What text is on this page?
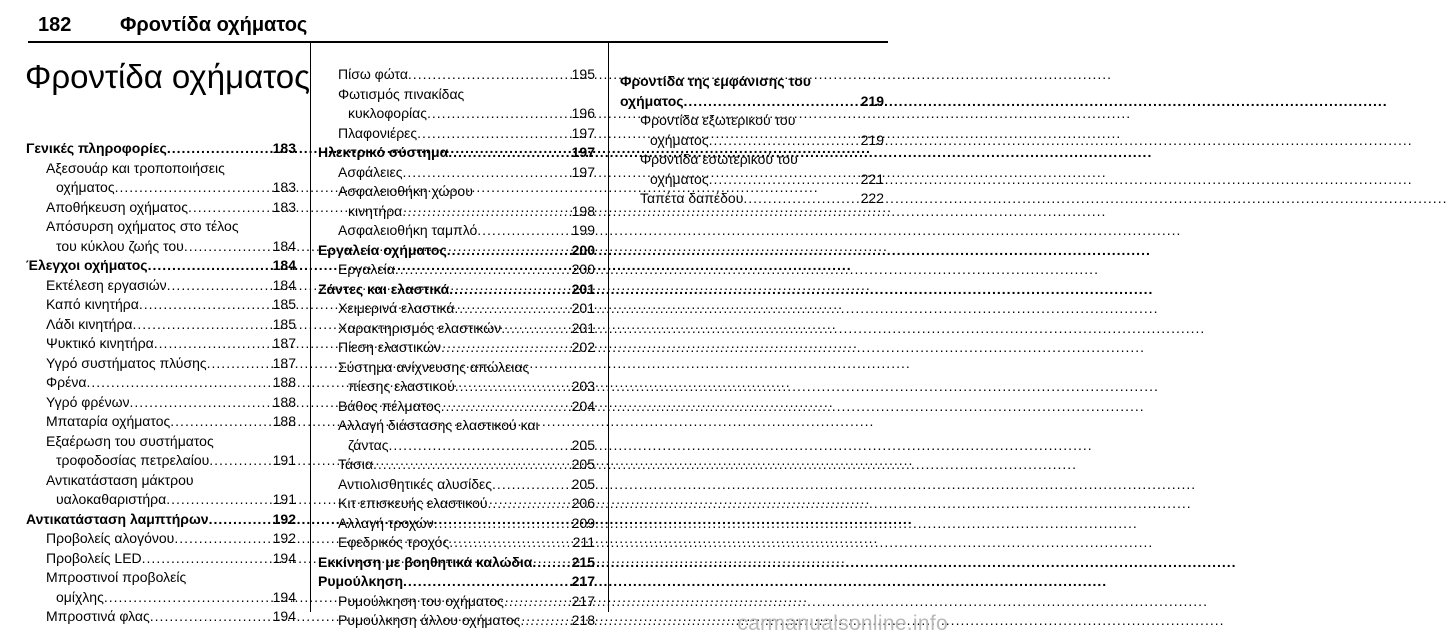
182 Φροντίδα οχήματος
Φροντίδα οχήματος
Γενικές πληροφορίες .....	183
Αξεσουάρ και τροποποιήσεις
οχήματος .....	183
Αποθήκευση οχήματος .....	183
Απόσυρση οχήματος στο τέλος
του κύκλου ζωής του .....	184
Έλεγχοι οχήματος .....	184
Εκτέλεση εργασιών .....	184
Καπό κινητήρα .....	185
Λάδι κινητήρα .....	185
Ψυκτικό κινητήρα .....	187
Υγρό συστήματος πλύσης .....	187
Φρένα .....	188
Υγρό φρένων .....	188
Μπαταρία οχήματος .....	188
Εξαέρωση του συστήματος
τροφοδοσίας πετρελαίου .....	191
Αντικατάσταση μάκτρου
υαλοκαθαριστήρα .....	191
Αντικατάσταση λαμπτήρων .....	192
Προβολείς αλογόνου .....	192
Προβολείς LED .....	194
Μπροστινοί προβολείς
ομίχλης .....	194
Μπροστινά φλας .....	194
Πίσω φώτα .....	195
Φωτισμός πινακίδας
κυκλοφορίας .....	196
Πλαφονιέρες .....	197
Ηλεκτρικό σύστημα .....	197
Ασφάλειες .....	197
Ασφαλειοθήκη χώρου
κινητήρα .....	198
Ασφαλειοθήκη ταμπλό .....	199
Εργαλεία οχήματος .....	200
Εργαλεία .....	200
Ζάντες και ελαστικά .....	201
Χειμερινά ελαστικά .....	201
Χαρακτηρισμός ελαστικών .....	201
Πίεση ελαστικών .....	202
Σύστημα ανίχνευσης απώλειας
πίεσης ελαστικού .....	203
Βάθος πέλματος .....	204
Αλλαγή διάστασης ελαστικού και
ζάντας .....	205
Τάσια .....	205
Αντιολισθητικές αλυσίδες .....	205
Κιτ επισκευής ελαστικού .....	206
Αλλαγή τροχών .....	209
Εφεδρικός τροχός .....	211
Εκκίνηση με βοηθητικά καλώδια .....	215
Ρυμούλκηση .....	217
Ρυμούλκηση του οχήματος .....	217
Ρυμούλκηση άλλου οχήματος .....	218
Φροντίδα της εμφάνισης του
οχήματος .....	219
Φροντίδα εξωτερικού του
οχήματος .....	219
Φροντίδα εσωτερικού του
οχήματος .....	221
Ταπέτα δαπέδου .....	222
carmanualsonline.info
